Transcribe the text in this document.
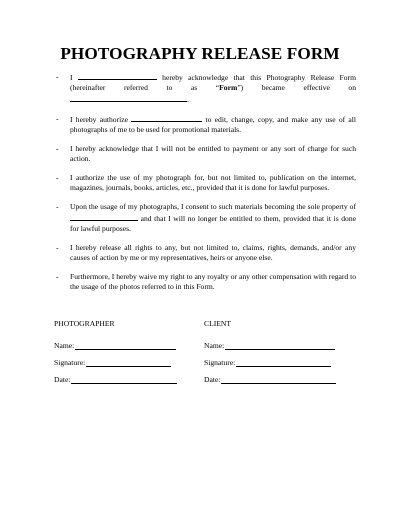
PHOTOGRAPHY RELEASE FORM
- I	hereby acknowledge that this Photography Release Form (hereinafter referred to as “Form”) became effective on .
- I hereby authorize	to edit, change, copy, and make any use of all photographs of me to be used for promotional materials.
- I hereby acknowledge that I will not be entitled to payment or any sort of charge for such action.
- I authorize the use of my photograph for, but not limited to, publication on the internet, magazines, journals, books, articles, etc., provided that it is done for lawful purposes.
- Upon the usage of my photographs, I consent to such materials becoming the sole property of  and that I will no longer be entitled to them, provided that it is done for lawful purposes.
- I hereby release all rights to any, but not limited to, claims, rights, demands, and/or any causes of action by me or my representatives, heirs or anyone else.
- Furthermore, I hereby waive my right to any royalty or any other compensation with regard to the usage of the photos referred to in this Form.
PHOTOGRAPHER
Name:
Signature:
Date:
CLIENT
Name:
Signature:
Date:
